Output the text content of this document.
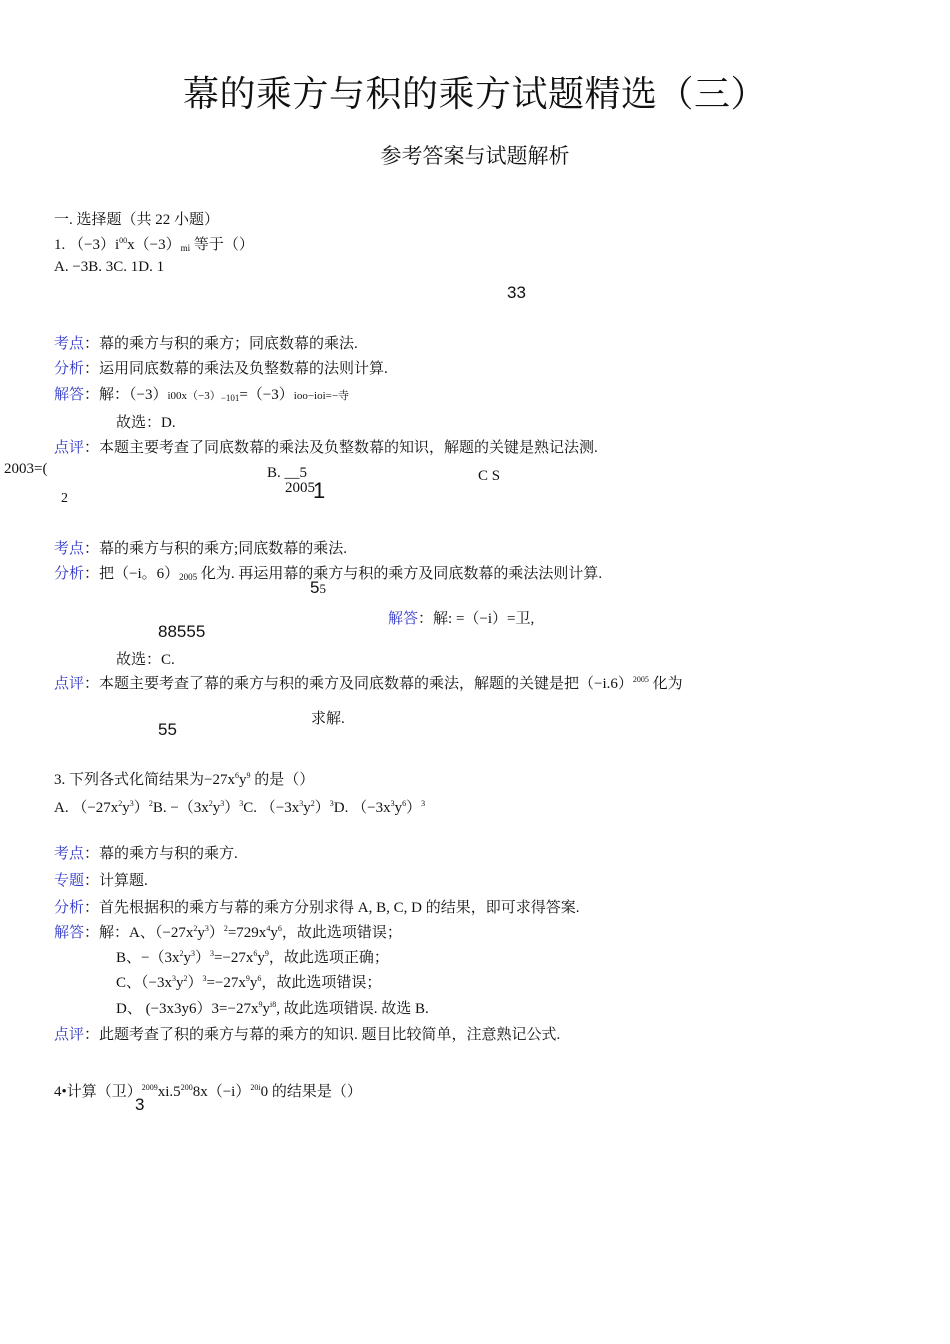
幕的乘方与积的乘方试题精选（三）
参考答案与试题解析
一. 选择题（共 22 小题）
1. $(-3)i^{00}x(-3)_{mi}$ 等于（）
A. −3B. 3C. 1D. 1
33
考点：幕的乘方与积的乘方；同底数幕的乘法.
分析：运用同底数幕的乘法及负整数幕的法则计算.
解答：解：$(-3)i00x(-3)_{-101}=(-3)ioo-ioi=-$寺
故选：D.
点评：本题主要考查了同底数幕的乘法及负整数幕的知识，解题的关键是熟记法测.
2003=(	B. __5
2005
1
C S
2
考点：幕的乘方与积的乘方;同底数幕的乘法.
分析：把（−i。$6)_{2005}$ 化为. 再运用幕的乘方与积的乘方及同底数幕的乘法法则计算.
55
解答：解: =（−i）=卫,
88555
故选：C.
点评：本题主要考查了幕的乘方与积的乘方及同底数幕的乘法，解题的关键是把$(-i.6)^{2005}$ 化为
求解.
55
3. 下列各式化简结果为$-27x^6y^9$ 的是（）
A. $(-27x^2y^3)^2B$. $-(3x^2y^3)^3C$. $(-3x^3y^2)^3D$. $(-3x^3y^6)^3$
考点：幕的乘方与积的乘方.
专题：计算题.
分析：首先根据积的乘方与幕的乘方分别求得 A, B, C, D 的结果，即可求得答案.
解答：解：A、$(-27x^2y^3)^2=729x^4y^6$，故此选项错误；
B、$-(3x^2y^3)^3=-27x^6y^9$，故此选项正确；
C、$(-3x^3y^2)^3=-27x^9y^6$，故此选项错误；
D、 $(-3x3y6)3=-27x^9y^{i8}$, 故此选项错误. 故选 B.
点评：此题考查了积的乘方与幕的乘方的知识. 题目比较简单，注意熟记公式.
4•计算（卫）$^{2009}xi.5^{200}8x(-i)^{20i}0$ 的结果是（）
3
